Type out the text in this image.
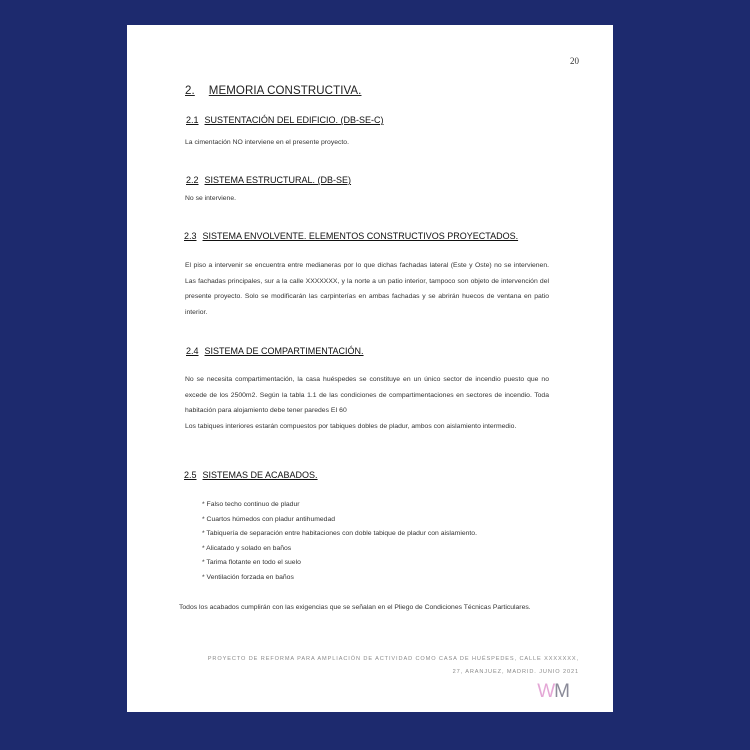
20
2. MEMORIA CONSTRUCTIVA.
2.1 SUSTENTACIÓN DEL EDIFICIO. (DB-SE-C)
La cimentación NO interviene en el presente proyecto.
2.2 SISTEMA ESTRUCTURAL. (DB-SE)
No se interviene.
2.3 SISTEMA ENVOLVENTE. ELEMENTOS CONSTRUCTIVOS PROYECTADOS.
El piso a intervenir se encuentra entre medianeras por lo que dichas fachadas lateral (Este y Oste) no se intervienen. Las fachadas principales, sur a la calle XXXXXXX, y la norte a un patio interior, tampoco son objeto de intervención del presente proyecto. Solo se modificarán las carpinterías en ambas fachadas y se abrirán huecos de ventana en patio interior.
2.4 SISTEMA DE COMPARTIMENTACIÓN.
No se necesita compartimentación, la casa huéspedes se constituye en un único sector de incendio puesto que no excede de los 2500m2. Según la tabla 1.1 de las condiciones de compartimentaciones en sectores de incendio. Toda habitación para alojamiento debe tener paredes EI 60
Los tabiques interiores estarán compuestos por tabiques dobles de pladur, ambos con aislamiento intermedio.
2.5 SISTEMAS DE ACABADOS.
* Falso techo continuo de pladur
* Cuartos húmedos con pladur antihumedad
* Tabiquería de separación entre habitaciones con doble tabique de pladur con aislamiento.
* Alicatado y solado en baños
* Tarima flotante en todo el suelo
* Ventilación forzada en baños
Todos los acabados cumplirán con las exigencias que se señalan en el Pliego de Condiciones Técnicas Particulares.
PROYECTO DE REFORMA PARA AMPLIACIÓN DE ACTIVIDAD COMO CASA DE HUÉSPEDES, CALLE XXXXXXX,
27, ARANJUEZ, MADRID. JUNIO 2021
WM
